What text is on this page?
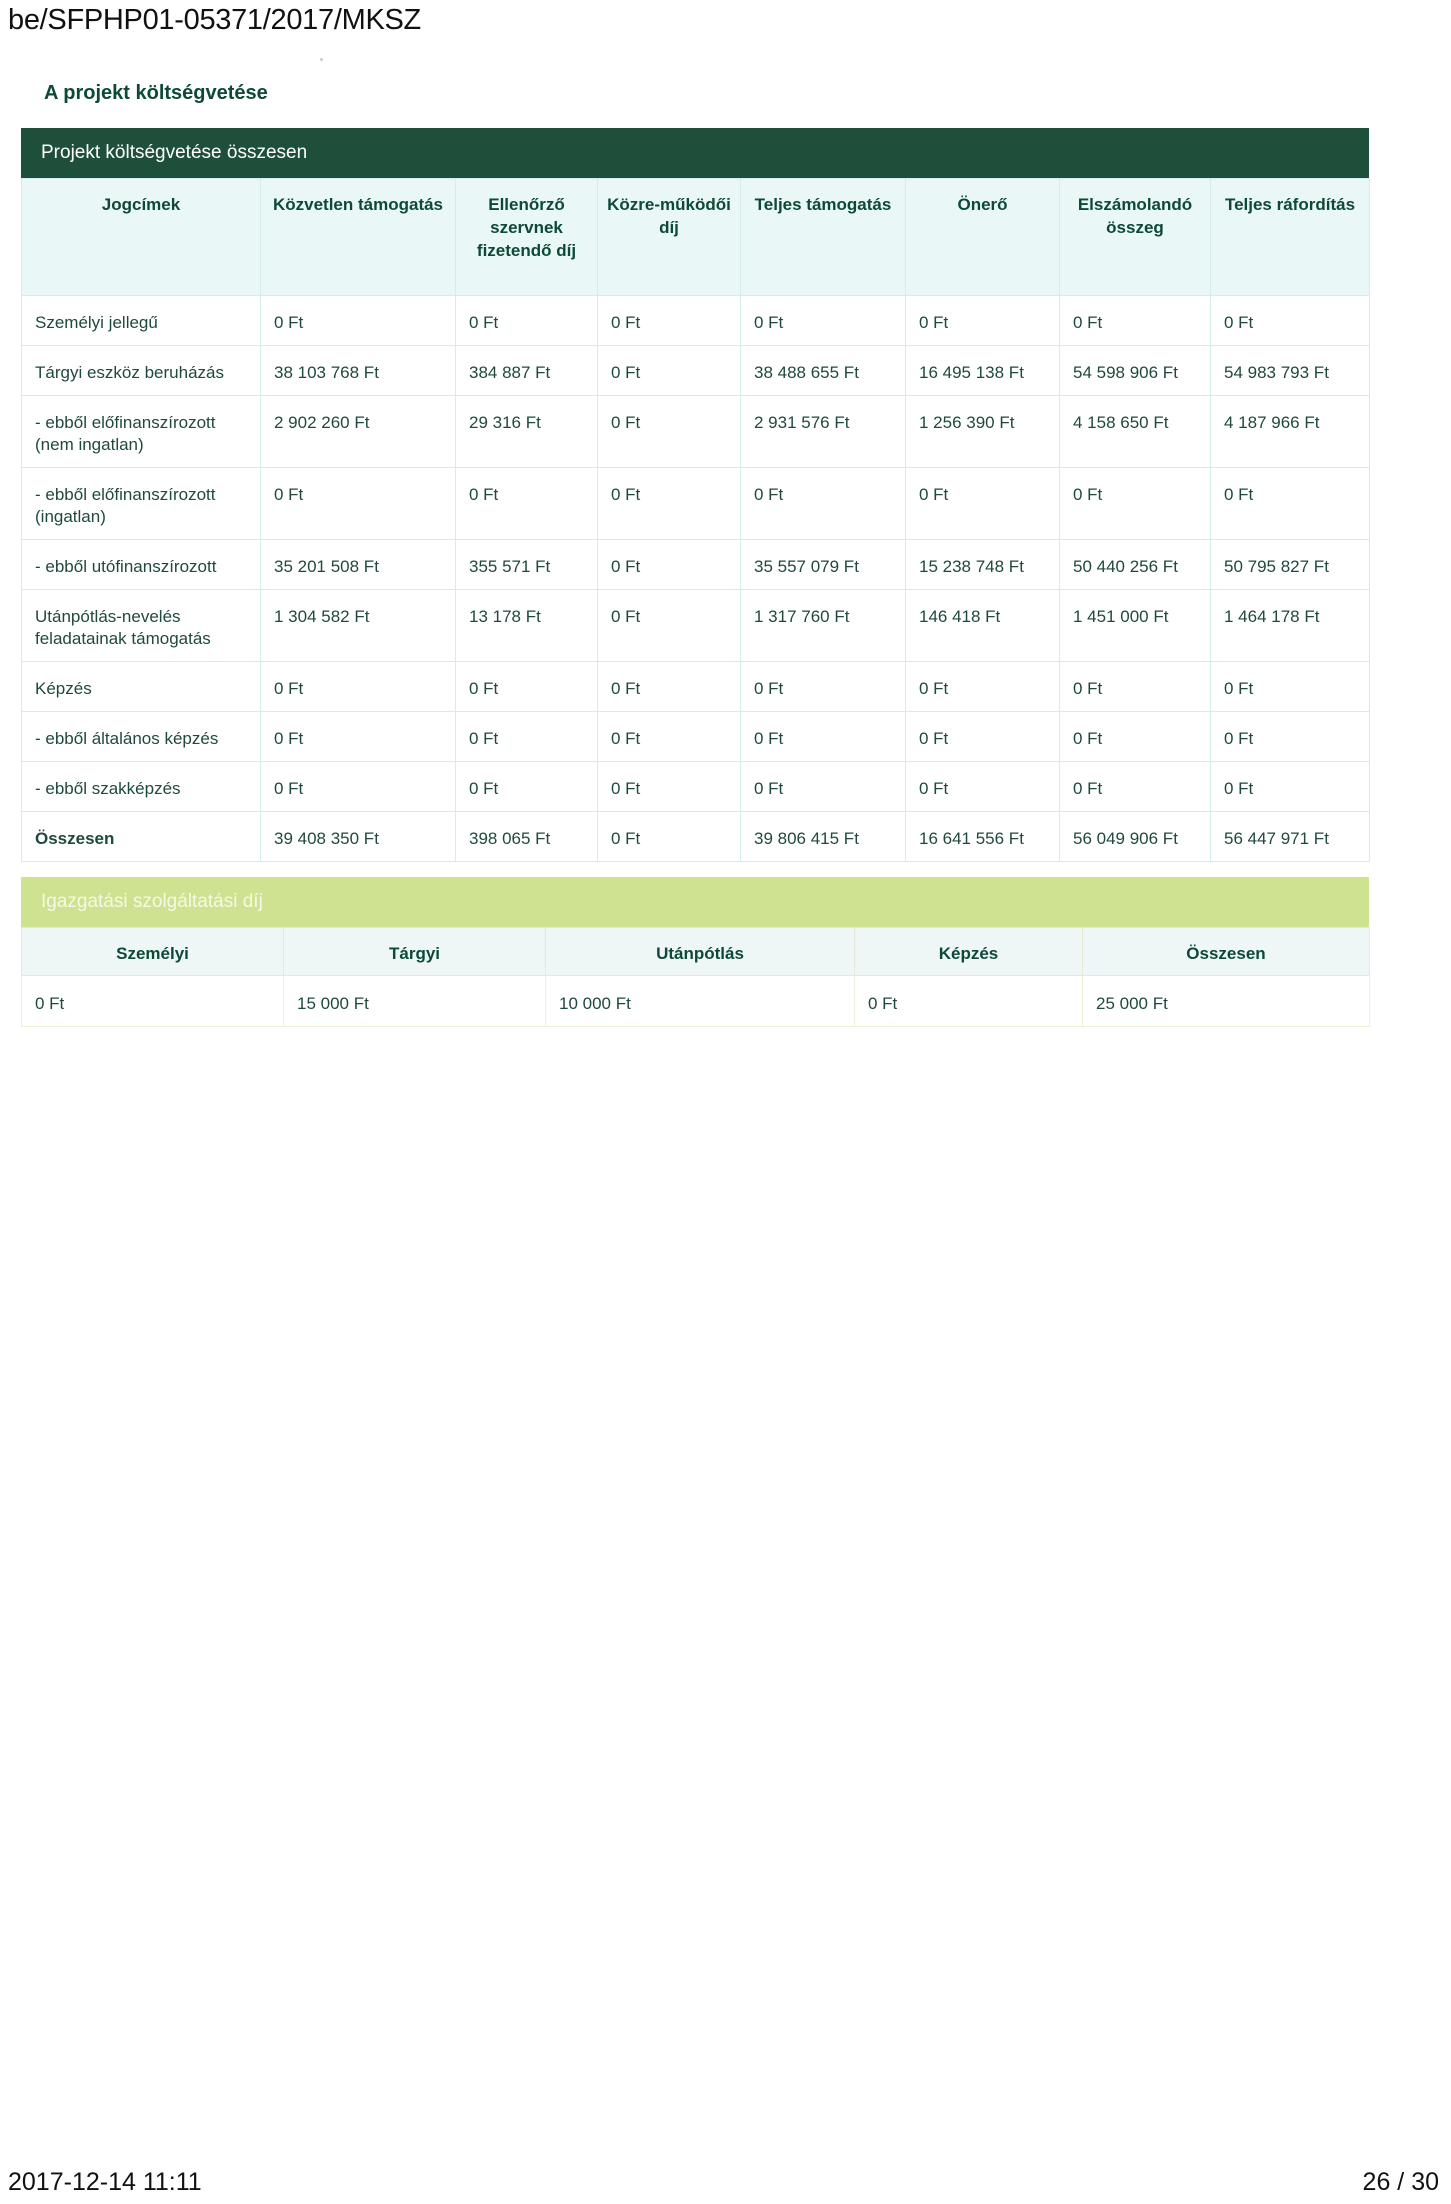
be/SFPHP01-05371/2017/MKSZ
A projekt költségvetése
Projekt költségvetése összesen
Jogcímek	Közvetlen támogatás	Ellenőrző szervnek fizetendő díj	Közre-működői díj	Teljes támogatás	Önerő	Elszámolandó összeg	Teljes ráfordítás
Személyi jellegű	0 Ft	0 Ft	0 Ft	0 Ft	0 Ft	0 Ft	0 Ft
Tárgyi eszköz beruházás	38 103 768 Ft	384 887 Ft	0 Ft	38 488 655 Ft	16 495 138 Ft	54 598 906 Ft	54 983 793 Ft
- ebből előfinanszírozott (nem ingatlan)	2 902 260 Ft	29 316 Ft	0 Ft	2 931 576 Ft	1 256 390 Ft	4 158 650 Ft	4 187 966 Ft
- ebből előfinanszírozott (ingatlan)	0 Ft	0 Ft	0 Ft	0 Ft	0 Ft	0 Ft	0 Ft
- ebből utófinanszírozott	35 201 508 Ft	355 571 Ft	0 Ft	35 557 079 Ft	15 238 748 Ft	50 440 256 Ft	50 795 827 Ft
Utánpótlás-nevelés feladatainak támogatás	1 304 582 Ft	13 178 Ft	0 Ft	1 317 760 Ft	146 418 Ft	1 451 000 Ft	1 464 178 Ft
Képzés	0 Ft	0 Ft	0 Ft	0 Ft	0 Ft	0 Ft	0 Ft
- ebből általános képzés	0 Ft	0 Ft	0 Ft	0 Ft	0 Ft	0 Ft	0 Ft
- ebből szakképzés	0 Ft	0 Ft	0 Ft	0 Ft	0 Ft	0 Ft	0 Ft
Összesen	39 408 350 Ft	398 065 Ft	0 Ft	39 806 415 Ft	16 641 556 Ft	56 049 906 Ft	56 447 971 Ft
Igazgatási szolgáltatási díj
Személyi	Tárgyi	Utánpótlás	Képzés	Összesen
0 Ft	15 000 Ft	10 000 Ft	0 Ft	25 000 Ft
2017-12-14 11:11	26 / 30
